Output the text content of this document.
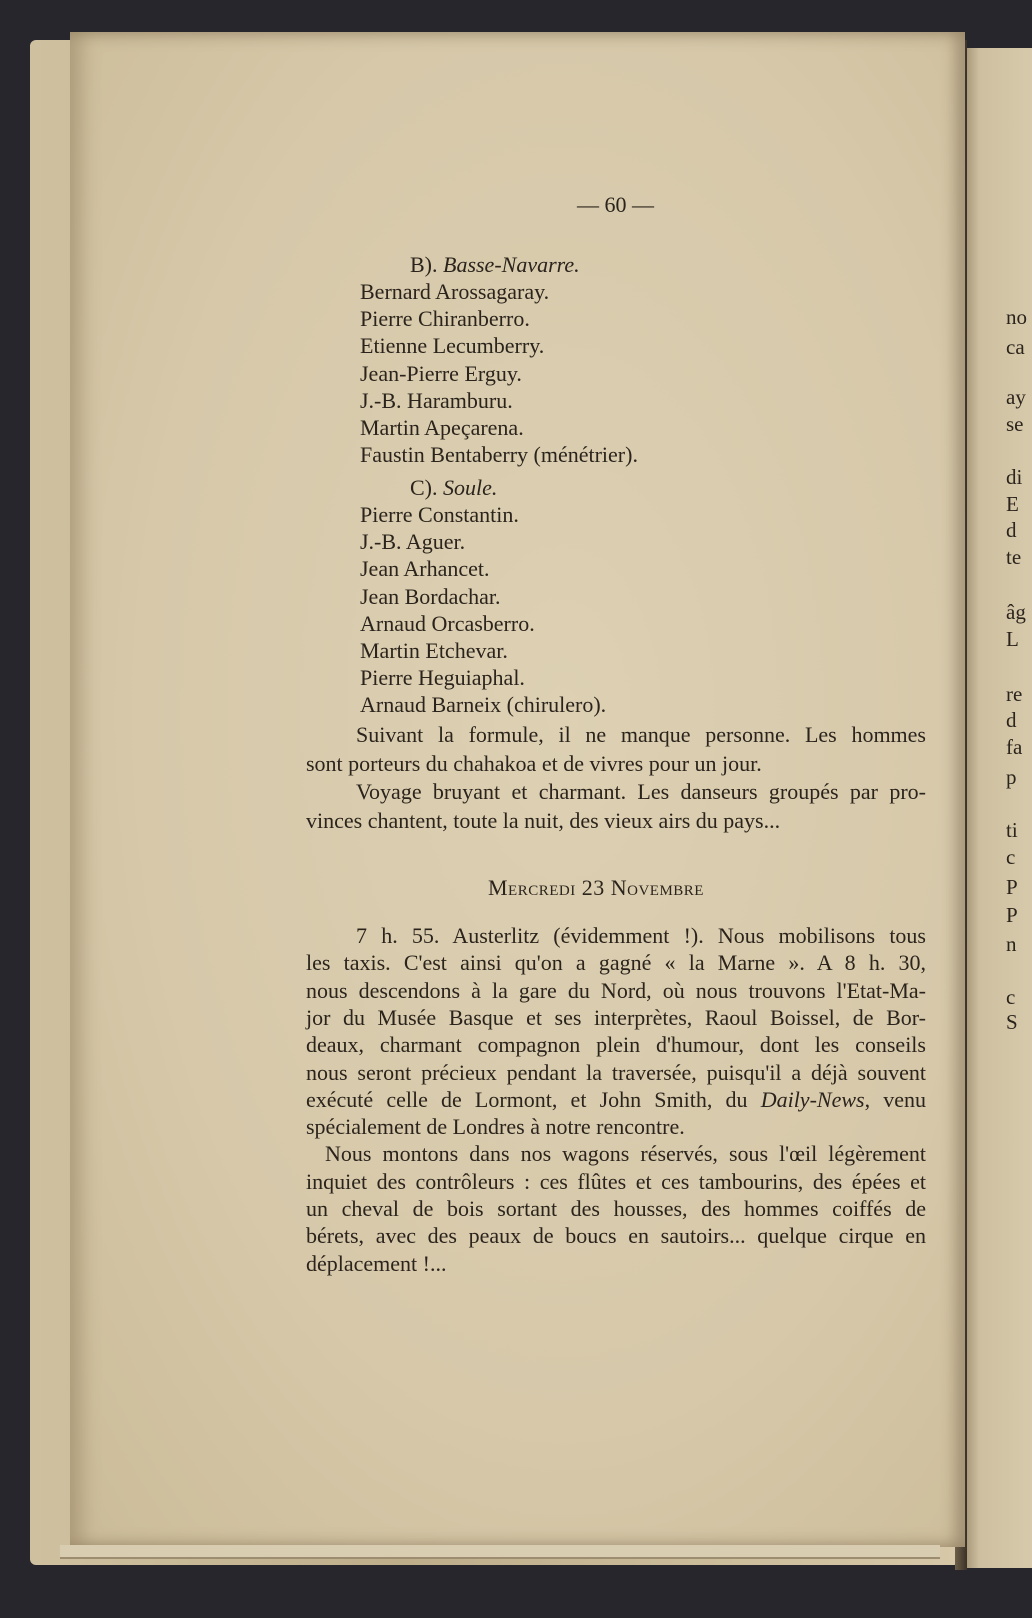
— 60 —
B). Basse-Navarre.
C). Soule.
Mercredi 23 Novembre
Bernard Arossagaray.
Pierre Chiranberro.
Etienne Lecumberry.
Jean-Pierre Erguy.
J.-B. Haramburu.
Martin Apeçarena.
Faustin Bentaberry (ménétrier).
Pierre Constantin.
J.-B. Aguer.
Jean Arhancet.
Jean Bordachar.
Arnaud Orcasberro.
Martin Etchevar.
Pierre Heguiaphal.
Arnaud Barneix (chirulero).
Suivant la formule, il ne manque personne. Les hommes
sont porteurs du chahakoa et de vivres pour un jour.
Voyage bruyant et charmant. Les danseurs groupés par pro-
vinces chantent, toute la nuit, des vieux airs du pays...
7 h. 55. Austerlitz (évidemment !). Nous mobilisons tous
les taxis. C'est ainsi qu'on a gagné « la Marne ». A 8 h. 30,
nous descendons à la gare du Nord, où nous trouvons l'Etat-Ma-
jor du Musée Basque et ses interprètes, Raoul Boissel, de Bor-
deaux, charmant compagnon plein d'humour, dont les conseils
nous seront précieux pendant la traversée, puisqu'il a déjà souvent
exécuté celle de Lormont, et John Smith, du Daily-News, venu
spécialement de Londres à notre rencontre.
Nous montons dans nos wagons réservés, sous l'œil légèrement
inquiet des contrôleurs : ces flûtes et ces tambourins, des épées et
un cheval de bois sortant des housses, des hommes coiffés de
bérets, avec des peaux de boucs en sautoirs... quelque cirque en
déplacement !...
no
ca
ay
se
di
E
d
te
âg
L
re
d
fa
p
ti
c
P
P
n
c
S
